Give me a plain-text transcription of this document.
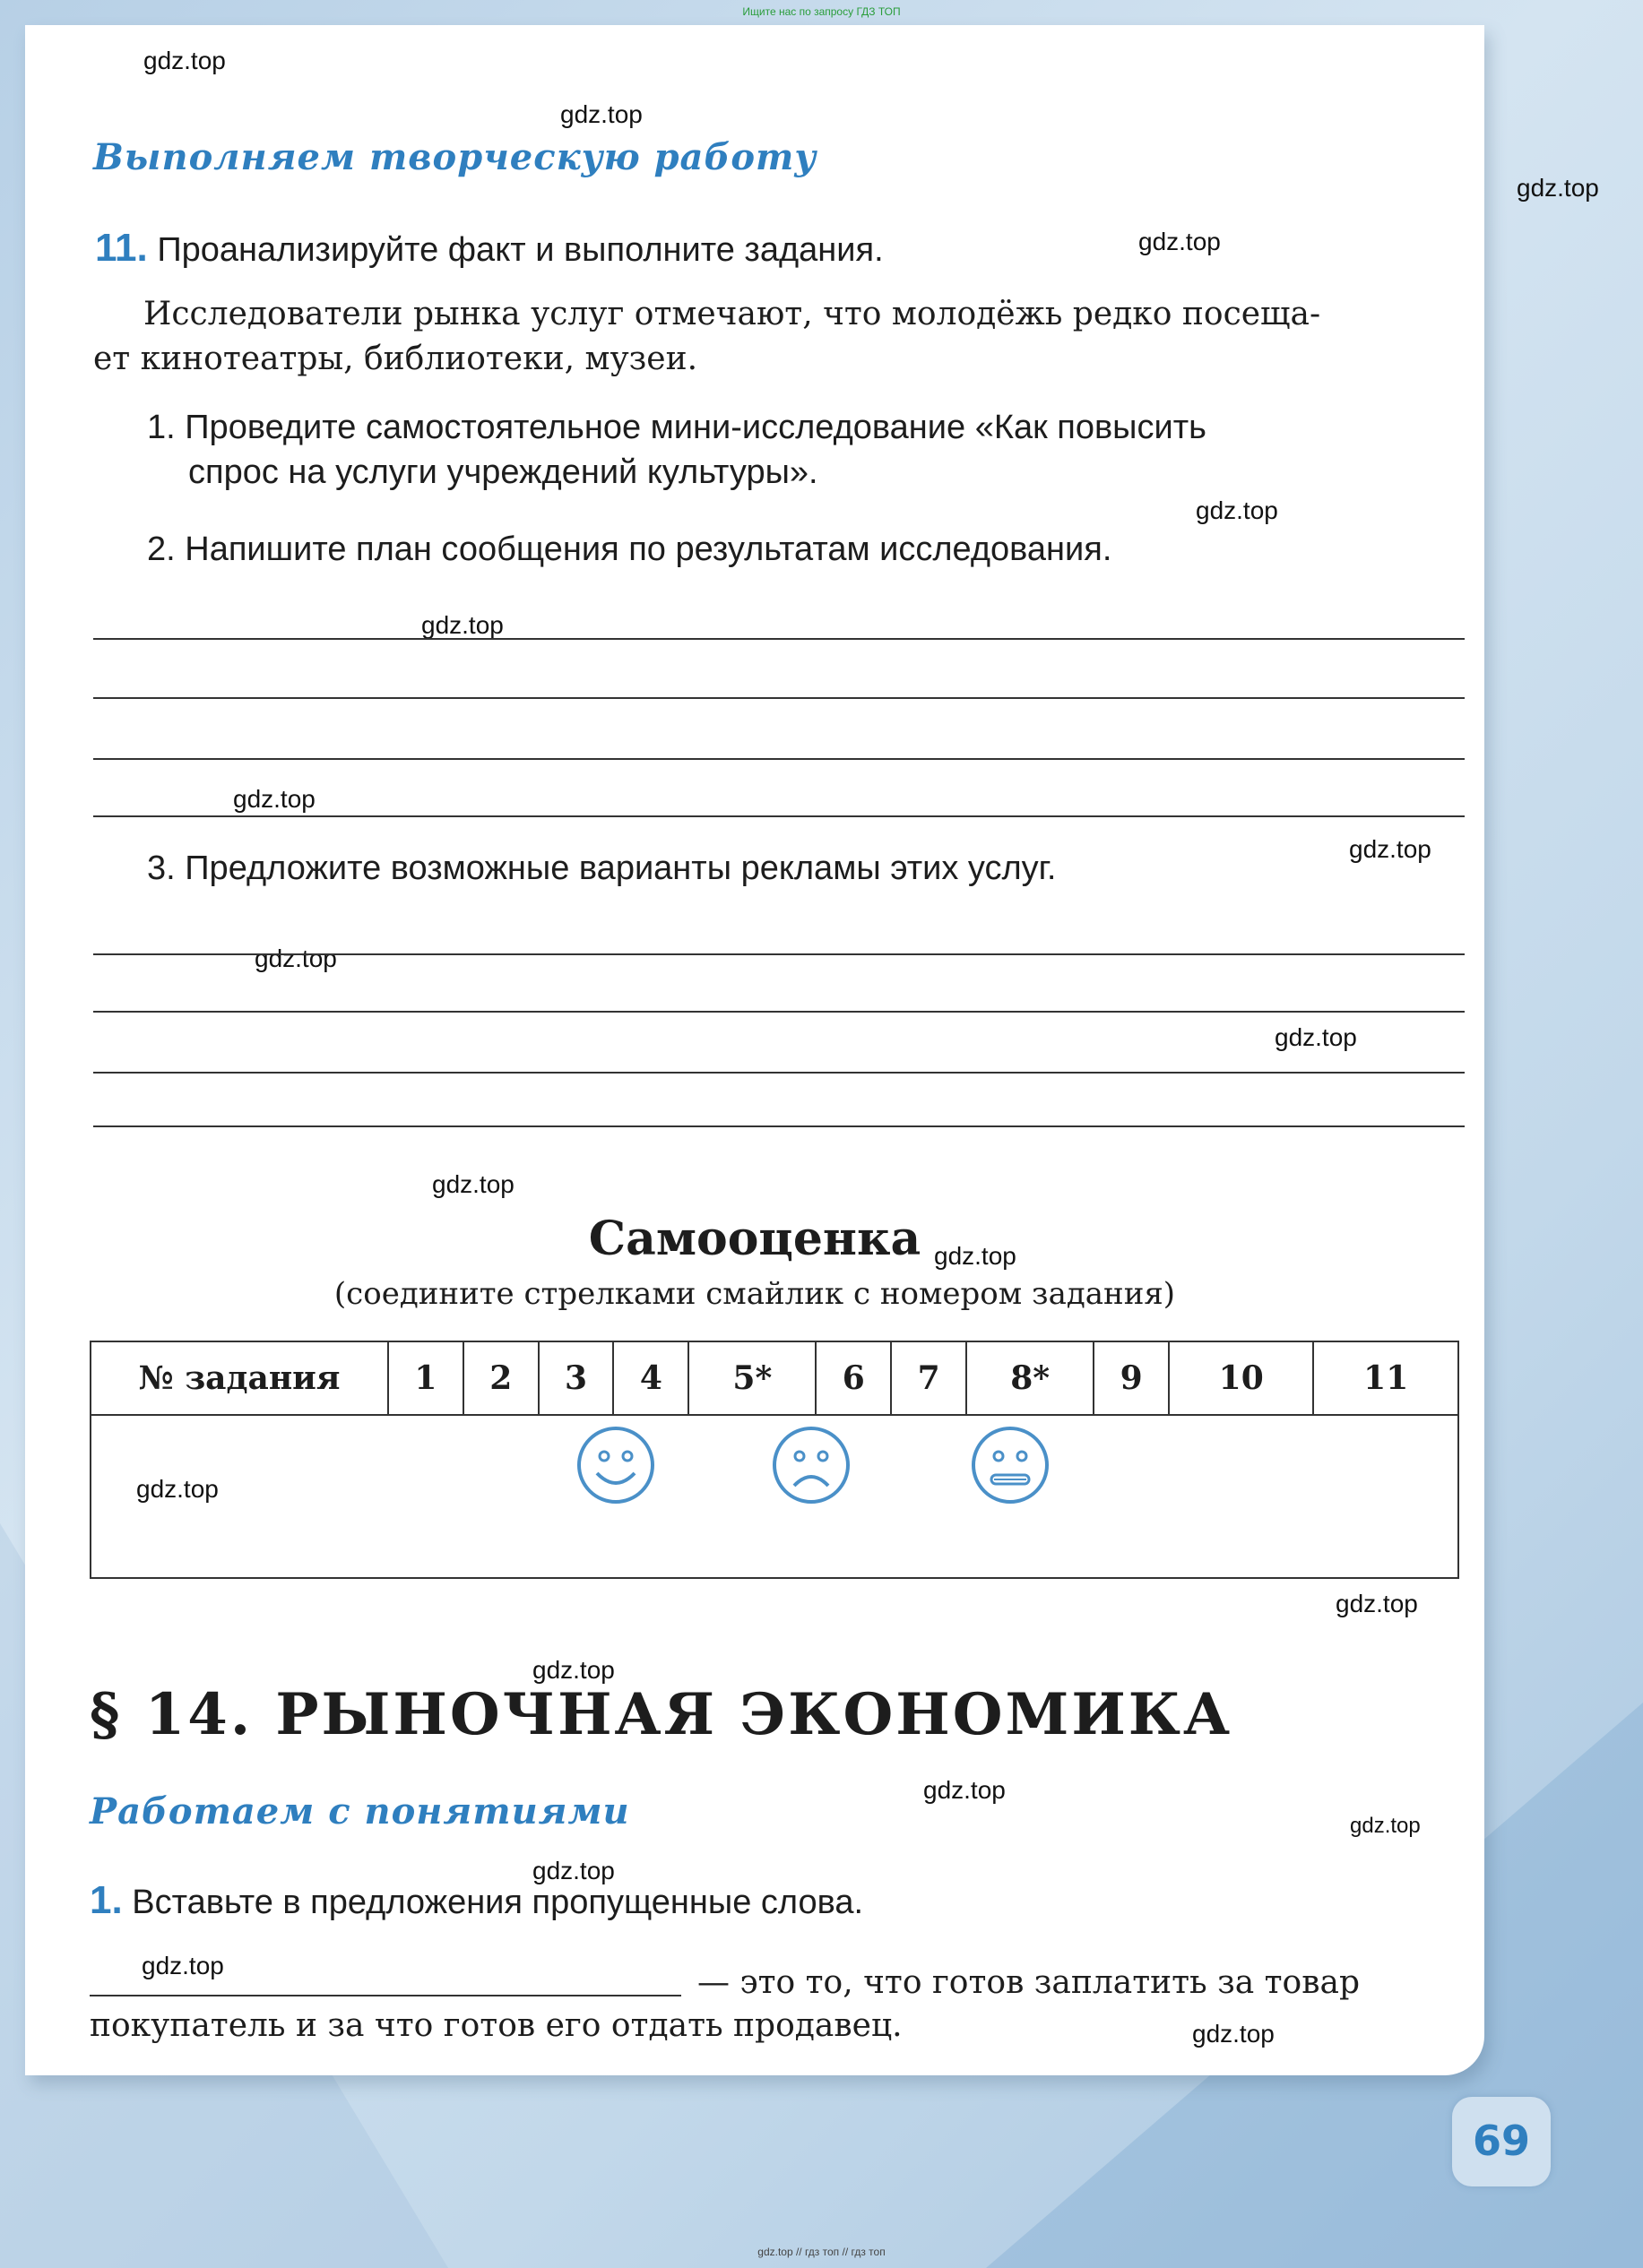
Ищите нас по запросу ГДЗ ТОП
gdz.top
gdz.top
gdz.top
gdz.top
gdz.top
gdz.top
gdz.top
gdz.top
gdz.top
gdz.top
gdz.top
gdz.top
gdz.top
gdz.top
gdz.top
gdz.top
gdz.top
gdz.top
gdz.top
gdz.top
Выполняем творческую работу
11. Проанализируйте факт и выполните задания.
Исследователи рынка услуг отмечают, что молодёжь редко посеща-
ет кинотеатры, библиотеки, музеи.
1. Проведите самостоятельное мини-исследование «Как повысить
спрос на услуги учреждений культуры».
2. Напишите план сообщения по результатам исследования.
3. Предложите возможные варианты рекламы этих услуг.
Самооценка
(соедините стрелками смайлик с номером задания)
№ задания	1	2	3	4	5*	6	7	8*	9	10	11

§ 14. РЫНОЧНАЯ ЭКОНОМИКА
Работаем с понятиями
1. Вставьте в предложения пропущенные слова.
— это то, что готов заплатить за товар
покупатель и за что готов его отдать продавец.
69
gdz.top // гдз топ // гдз топ
